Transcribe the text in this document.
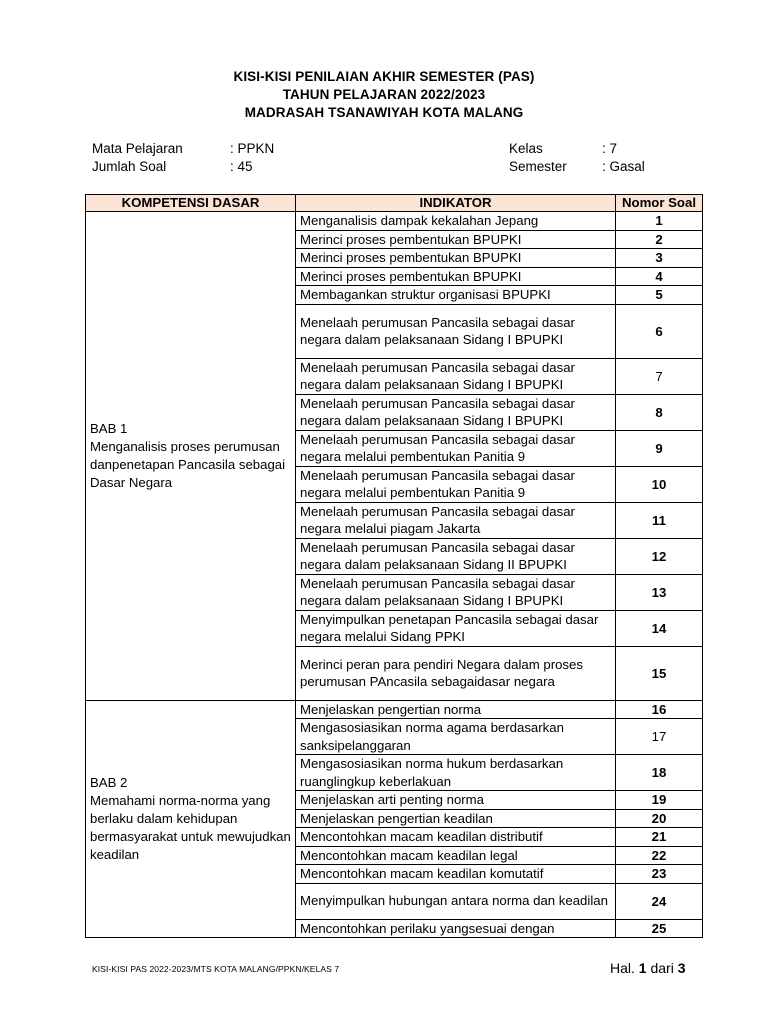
KISI-KISI PENILAIAN AKHIR SEMESTER (PAS)
TAHUN PELAJARAN 2022/2023
MADRASAH TSANAWIYAH KOTA MALANG
Mata Pelajaran	: PPKN	Kelas	: 7
Jumlah Soal	: 45	Semester	: Gasal
KOMPETENSI DASAR	INDIKATOR	Nomor Soal

BAB 1
Menganalisis proses perumusan danpenetapan Pancasila sebagai Dasar Negara	Menganalisis dampak kekalahan Jepang	1
	Merinci proses pembentukan BPUPKI	2
	Merinci proses pembentukan BPUPKI	3
	Merinci proses pembentukan BPUPKI	4
	Membagankan struktur organisasi BPUPKI	5
	Menelaah perumusan Pancasila sebagai dasar negara dalam pelaksanaan Sidang I BPUPKI	6
	Menelaah perumusan Pancasila sebagai dasar negara dalam pelaksanaan Sidang I BPUPKI	7
	Menelaah perumusan Pancasila sebagai dasar negara dalam pelaksanaan Sidang I BPUPKI	8
	Menelaah perumusan Pancasila sebagai dasar negara melalui pembentukan Panitia 9	9
	Menelaah perumusan Pancasila sebagai dasar negara melalui pembentukan Panitia 9	10
	Menelaah perumusan Pancasila sebagai dasar negara melalui piagam Jakarta	11
	Menelaah perumusan Pancasila sebagai dasar negara dalam pelaksanaan Sidang II BPUPKI	12
	Menelaah perumusan Pancasila sebagai dasar negara dalam pelaksanaan Sidang I BPUPKI	13
	Menyimpulkan penetapan Pancasila sebagai dasar negara melalui Sidang PPKI	14
	Merinci peran para pendiri Negara dalam proses perumusan PAncasila sebagaidasar negara	15

BAB 2
Memahami norma-norma yang berlaku dalam kehidupan bermasyarakat untuk mewujudkan keadilan	Menjelaskan pengertian norma	16
	Mengasosiasikan norma agama berdasarkan sanksipelanggaran	17
	Mengasosiasikan norma hukum berdasarkan ruanglingkup keberlakuan	18
	Menjelaskan arti penting norma	19
	Menjelaskan pengertian keadilan	20
	Mencontohkan macam keadilan distributif	21
	Mencontohkan macam keadilan legal	22
	Mencontohkan macam keadilan komutatif	23
	Menyimpulkan hubungan antara norma dan keadilan	24
	Mencontohkan perilaku yangsesuai dengan	25
KISI-KISI PAS 2022-2023/MTS KOTA MALANG/PPKN/KELAS 7	Hal. 1 dari 3
